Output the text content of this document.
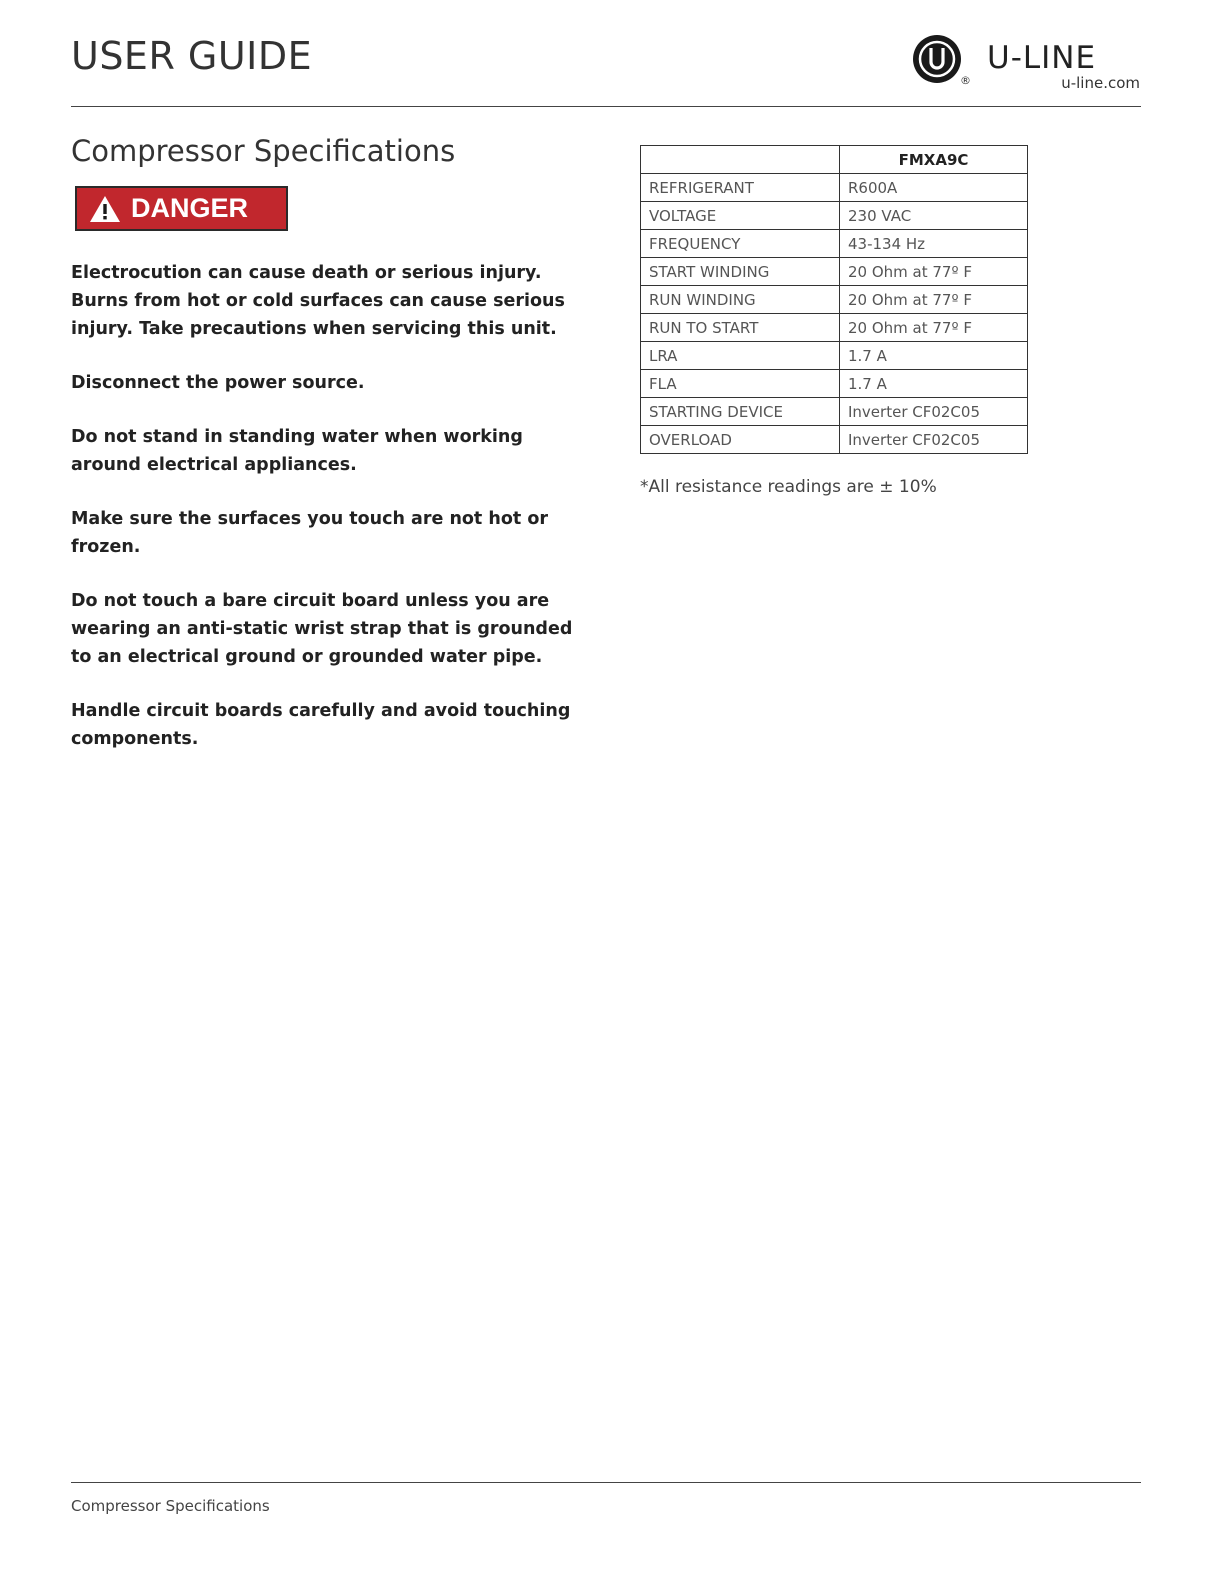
USER GUIDE
®
U-LINE
u-line.com
Compressor Specifications
DANGER

Electrocution can cause death or serious injury. Burns from hot or cold surfaces can cause serious injury. Take precautions when servicing this unit.

Disconnect the power source.

Do not stand in standing water when working around electrical appliances.

Make sure the surfaces you touch are not hot or frozen.

Do not touch a bare circuit board unless you are wearing an anti-static wrist strap that is grounded to an electrical ground or grounded water pipe.

Handle circuit boards carefully and avoid touching components.

	FMXA9C
REFRIGERANT	R600A
VOLTAGE	230 VAC
FREQUENCY	43-134 Hz
START WINDING	20 Ohm at 77º F
RUN WINDING	20 Ohm at 77º F
RUN TO START	20 Ohm at 77º F
LRA	1.7 A
FLA	1.7 A
STARTING DEVICE	Inverter CF02C05
OVERLOAD	Inverter CF02C05
*All resistance readings are ± 10%
Compressor Specifications
